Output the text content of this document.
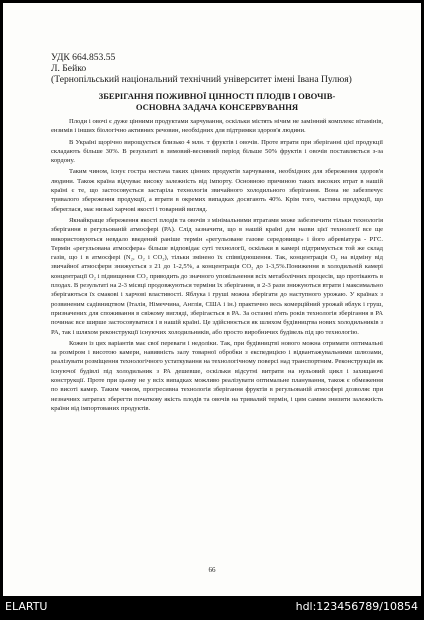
УДК 664.853.55
Л. Бейко
(Тернопільський національний технічний університет імені Івана Пулюя)
ЗБЕРІГАННЯ ПОЖИВНОЇ ЦІННОСТІ ПЛОДІВ І ОВОЧІВ-
ОСНОВНА ЗАДАЧА КОНСЕРВУВАННЯ

Плоди і овочі є дуже цінними продуктами харчування, оскільки містять нічим не замінний комплекс вітамінів, ензимів і інших біологічно активних речовин, необхідних для підтримки здоров'я людини.

В Україні щорічно вирощується близько 4 млн. т фруктів і овочів. Проте втрати при зберіганні цієї продукції складають більше 30%. В результаті в зимовий-весняний період більше 50% фруктів і овочів поставляється з-за кордону.

Таким чином, існує гостра нестача таких цінних продуктів харчування, необхідних для збереження здоров'я людини. Також країна відчуває високу залежність від імпорту. Основною причиною таких високих втрат в нашій країні є те, що застосовується застаріла технологія звичайного холодильного зберігання. Вона не забезпечує тривалого збереження продукції, а втрати в окремих випадках досягають 40%. Крім того, частина продукції, що збереглася, має низькі харчові якості і товарний вигляд.

Якнайкраще збереження якості плодів та овочів з мінімальними втратами може забезпечити тільки технологія зберігання в регульованій атмосфері (РА). Слід зазначити, що в нашій країні для назви цієї технології все ще використовуються невдало введений раніше термін «регульоване газове середовище» і його абревіатура - РГС. Термін «регульована атмосфера» більше відповідає суті технології, оскільки в камері підтримується той же склад газів, що і в атмосфері (N₂, O₂ і CO₂), тільки змінено їх співвідношення. Так, концентрація O₂ на відміну від звичайної атмосфери знижується з 21 до 1-2,5%, а концентрація CO₂ до 1-3,5%.Пониження в холодильній камері концентрації O₂ і підвищення CO₂ приводить до значного уповільнення всіх метаболічних процесів, що протікають в плодах. В результаті на 2-3 місяці продовжуються терміни їх зберігання, в 2-3 рази знижуються втрати і максимально зберігаються їх смакові і харчові властивості. Яблука і груші можна зберігати до наступного урожаю. У країнах з розвиненим садівництвом (Італія, Німеччина, Англія, США і ін.) практично весь комерційний урожай яблук і груш, призначених для споживання в свіжому вигляді, зберігається в РА. За останні п'ять років технологія зберігання в РА починає все ширше застосовуватися і в нашій країні. Це здійснюється як шляхом будівництва нових холодильників з РА, так і шляхом реконструкції існуючих холодильників, або просто виробничих будівель під цю технологію.

Кожен із цих варіантів має свої переваги і недоліки. Так, при будівництві нового можна отримати оптимальні за розміром і висотою камери, навивність залу товарної обробки з експедицією і відвантажувальними шлюзами, реалізувати розміщення технологічного устаткування на технологічному поверсі над транспортним. Реконструкція як існуючої будівлі під холодильник з РА дешевше, оскільки відсутні витрати на нульовий цикл і захищаючі конструкції. Проте при цьому не у всіх випадках можливо реалізувати оптимальне планування, також є обмеження по висоті камер. Таким чином, прогресивна технологія зберігання фруктів в регульованій атмосфері дозволяє при незначних затратах зберегти початкову якість плодів та овочів на тривалий термін, і цим самим знизити залежність країни від імпортованих продуктів.

66
ELARTU	hdl:123456789/10854
